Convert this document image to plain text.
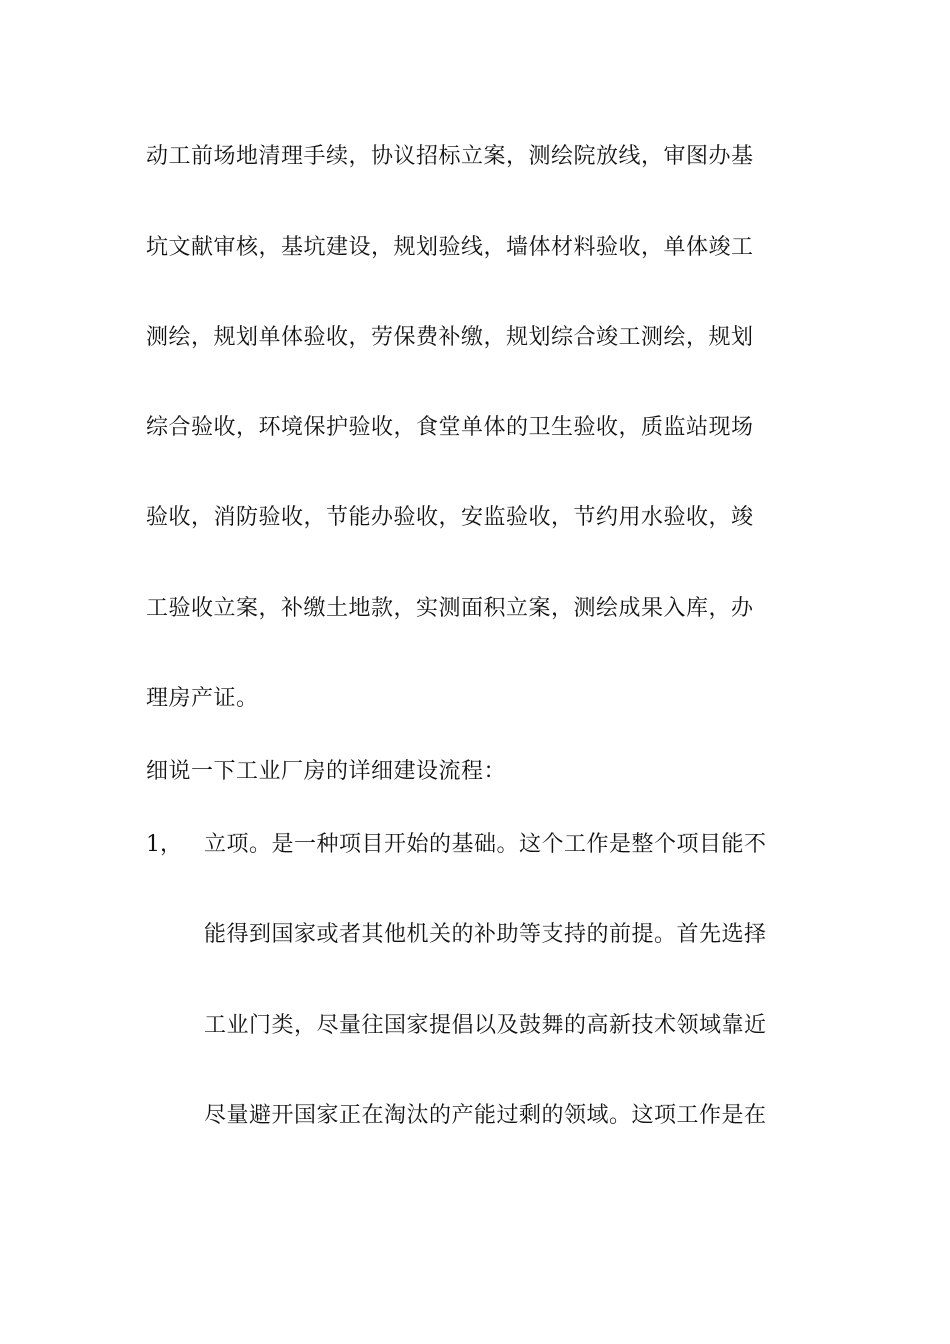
动工前场地清理手续，协议招标立案，测绘院放线，审图办基
坑文献审核，基坑建设，规划验线，墙体材料验收，单体竣工
测绘，规划单体验收，劳保费补缴，规划综合竣工测绘，规划
综合验收，环境保护验收，食堂单体的卫生验收，质监站现场
验收，消防验收，节能办验收，安监验收，节约用水验收，竣
工验收立案，补缴土地款，实测面积立案，测绘成果入库，办
理房产证。
细说一下工业厂房的详细建设流程：
1， 立项。是一种项目开始的基础。这个工作是整个项目能不
能得到国家或者其他机关的补助等支持的前提。首先选择
工业门类，尽量往国家提倡以及鼓舞的高新技术领域靠近
尽量避开国家正在淘汰的产能过剩的领域。这项工作是在
